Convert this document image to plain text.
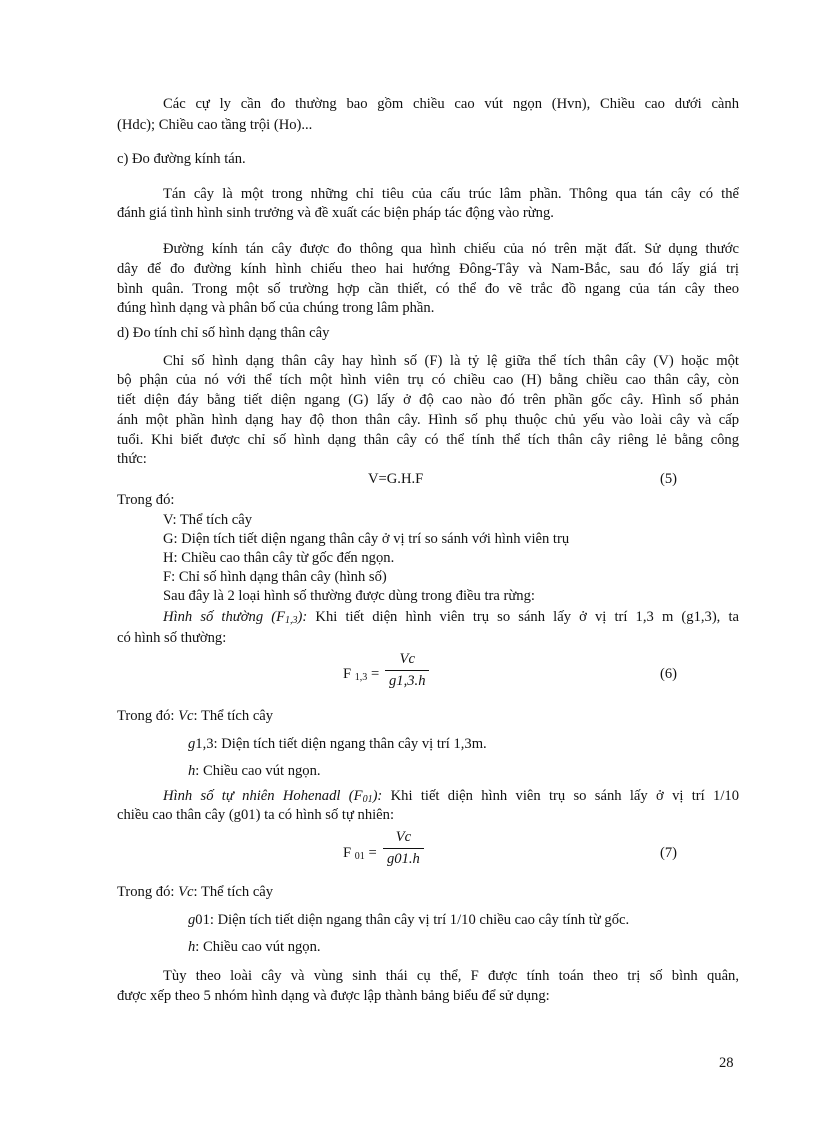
Các cự ly cần đo thường bao gồm chiều cao vút ngọn (Hvn), Chiều cao dưới cành
(Hdc); Chiều cao tầng trội (Ho)...
c) Đo đường kính tán.
Tán cây là một trong những chỉ tiêu của cấu trúc lâm phần. Thông qua tán cây có thể
đánh giá tình hình sinh trưởng và đề xuất các biện pháp tác động vào rừng.
Đường kính tán cây được đo thông qua hình chiếu của nó trên mặt đất. Sử dụng thước
dây để đo đường kính hình chiếu theo hai hướng Đông-Tây và Nam-Bắc, sau đó lấy giá trị
bình quân. Trong một số trường hợp cần thiết, có thể đo vẽ trắc đồ ngang của tán cây theo
đúng hình dạng và phân bố của chúng trong lâm phần.
d) Đo tính chỉ số hình dạng thân cây
Chỉ số hình dạng thân cây hay hình số (F) là tỷ lệ giữa thể tích thân cây (V) hoặc một
bộ phận của nó với thể tích một hình viên trụ có chiều cao (H) bằng chiều cao thân cây, còn
tiết diện đáy bằng tiết diện ngang (G) lấy ở độ cao nào đó trên phần gốc cây. Hình số phản
ánh một phần hình dạng hay độ thon thân cây. Hình số phụ thuộc chủ yếu vào loài cây và cấp
tuổi. Khi biết được chỉ số hình dạng thân cây có thể tính thể tích thân cây riêng lẻ bằng công
thức:
V=G.H.F	(5)
Trong đó:
V: Thể tích cây
G: Diện tích tiết diện ngang thân cây ở vị trí so sánh với hình viên trụ
H: Chiều cao thân cây từ gốc đến ngọn.
F: Chỉ số hình dạng thân cây (hình số)
Sau đây là 2 loại hình số thường được dùng trong điều tra rừng:
Hình số thường $(F_{1,3})$: Khi tiết diện hình viên trụ so sánh lấy ở vị trí 1,3 m (g1,3), ta
có hình số thường:
F $_{1,3} = \frac{Vc}{g1,3.h}$	(6)
Trong đó: Vc: Thể tích cây
g1,3: Diện tích tiết diện ngang thân cây vị trí 1,3m.
h: Chiều cao vút ngọn.
Hình số tự nhiên Hohenadl $(F_{01})$: Khi tiết diện hình viên trụ so sánh lấy ở vị trí 1/10
chiều cao thân cây (g01) ta có hình số tự nhiên:
F $_{01} = \frac{Vc}{g01.h}$	(7)
Trong đó: Vc: Thể tích cây
g01: Diện tích tiết diện ngang thân cây vị trí 1/10 chiều cao cây tính từ gốc.
h: Chiều cao vút ngọn.
Tùy theo loài cây và vùng sinh thái cụ thể, F được tính toán theo trị số bình quân,
được xếp theo 5 nhóm hình dạng và được lập thành bảng biểu để sử dụng:
28
